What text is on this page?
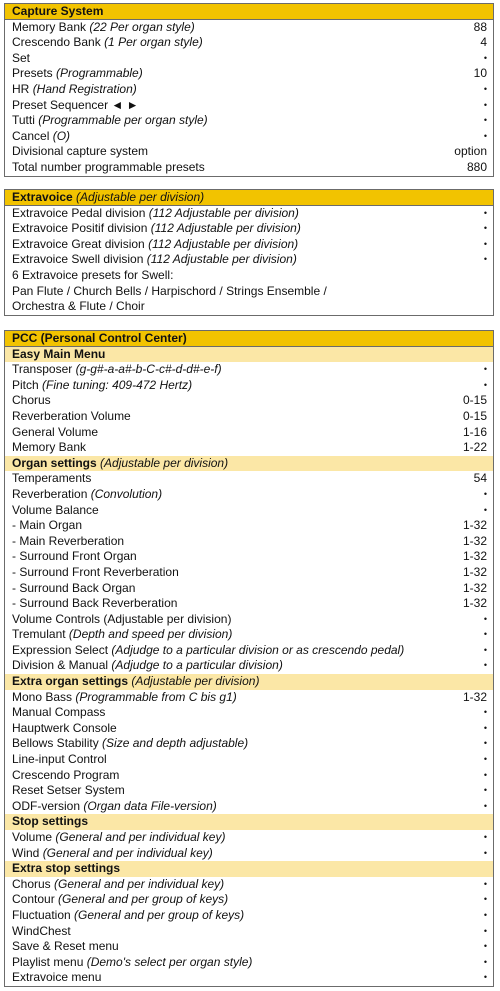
Capture System
Memory Bank (22 Per organ style)	88
Crescendo Bank (1 Per organ style)	4
Set	•
Presets (Programmable)	10
HR (Hand Registration)	•
Preset Sequencer ◄ ►	•
Tutti (Programmable per organ style)	•
Cancel (O)	•
Divisional capture system	option
Total number programmable presets	880
Extravoice (Adjustable per division)
Extravoice Pedal division (112 Adjustable per division)	•
Extravoice Positif division (112 Adjustable per division)	•
Extravoice Great division (112 Adjustable per division)	•
Extravoice Swell division (112 Adjustable per division)	•
6 Extravoice presets for Swell:
Pan Flute / Church Bells / Harpischord / Strings Ensemble /
Orchestra & Flute / Choir
PCC (Personal Control Center)
Easy Main Menu
Transposer (g-g#-a-a#-b-C-c#-d-d#-e-f)	•
Pitch (Fine tuning: 409-472 Hertz)	•
Chorus	0-15
Reverberation Volume	0-15
General Volume	1-16
Memory Bank	1-22
Organ settings (Adjustable per division)
Temperaments	54
Reverberation (Convolution)	•
Volume Balance	•
- Main Organ	1-32
- Main Reverberation	1-32
- Surround Front Organ	1-32
- Surround Front Reverberation	1-32
- Surround Back Organ	1-32
- Surround Back Reverberation	1-32
Volume Controls (Adjustable per division)	•
Tremulant (Depth and speed per division)	•
Expression Select (Adjudge to a particular division or as crescendo pedal)	•
Division & Manual (Adjudge to a particular division)	•
Extra organ settings (Adjustable per division)
Mono Bass (Programmable from C bis g1)	1-32
Manual Compass	•
Hauptwerk Console	•
Bellows Stability (Size and depth adjustable)	•
Line-input Control	•
Crescendo Program	•
Reset Setser System	•
ODF-version (Organ data File-version)	•
Stop settings
Volume (General and per individual key)	•
Wind (General and per individual key)	•
Extra stop settings
Chorus (General and per individual key)	•
Contour (General and per group of keys)	•
Fluctuation (General and per group of keys)	•
WindChest	•
Save & Reset menu	•
Playlist menu (Demo's select per organ style)	•
Extravoice menu	•
